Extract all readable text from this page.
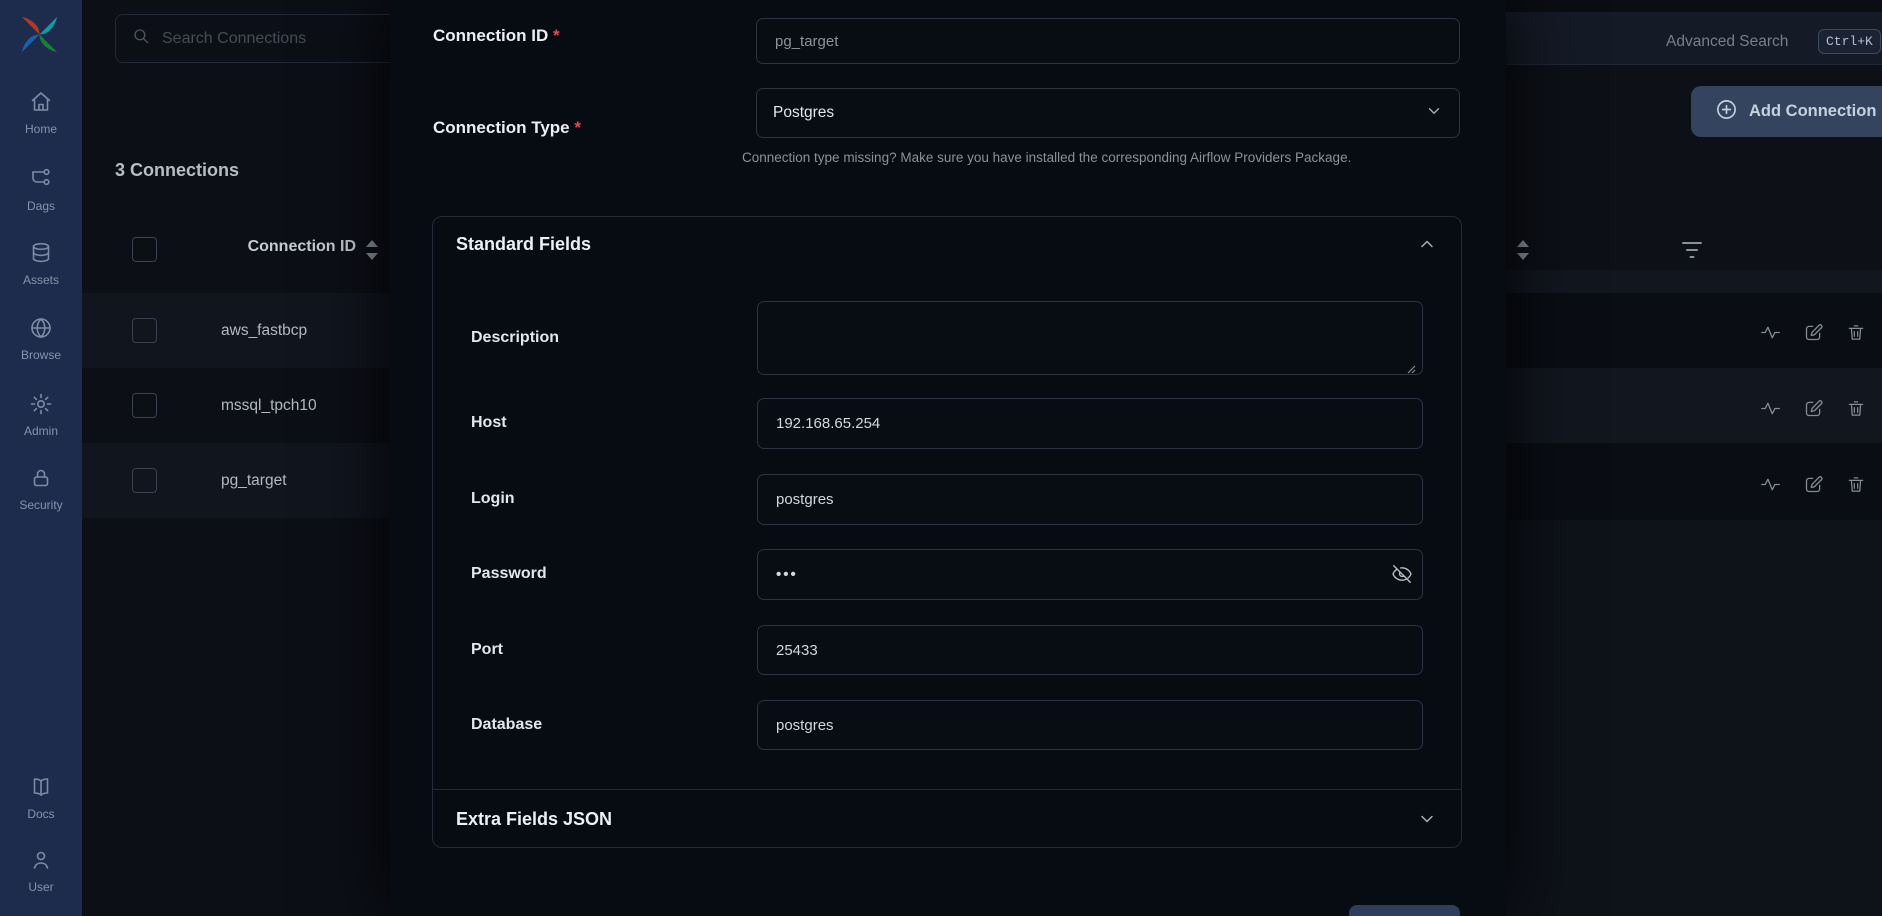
Advanced Search	Ctrl+K
Add Connection
Search Connections
3 Connections
Connection ID
aws_fastbcp
mssql_tpch10
pg_target
Home
Dags
Assets
Browse
Admin
Security
Docs
User
Connection ID *
pg_target
Connection Type *
Postgres
Connection type missing? Make sure you have installed the corresponding Airflow Providers Package.
Standard Fields
Description
Host
192.168.65.254
Login
postgres
Password
•••
Port
25433
Database
postgres
Extra Fields JSON
